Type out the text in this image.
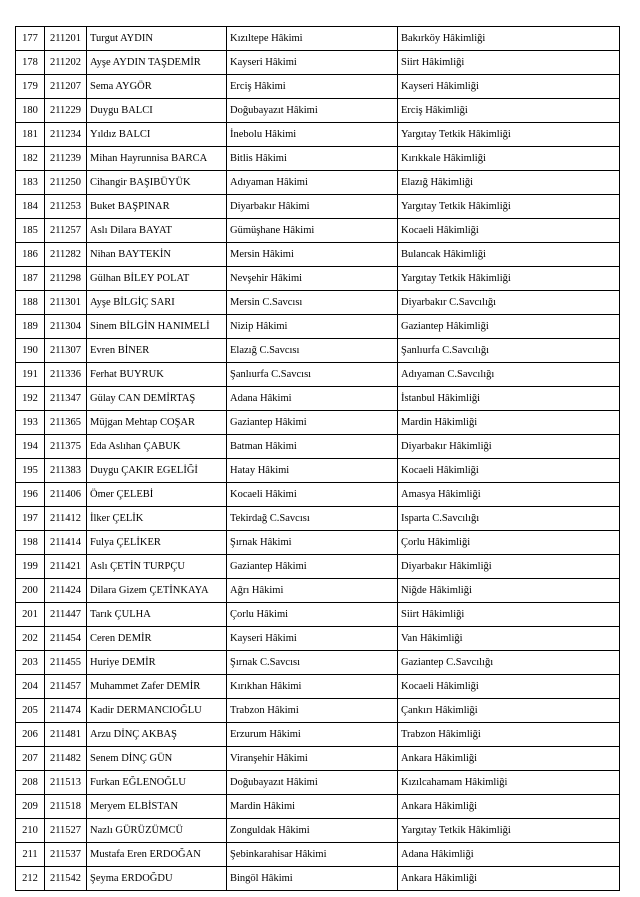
177	211201	Turgut AYDIN	Kızıltepe Hâkimi	Bakırköy Hâkimliği
178	211202	Ayşe AYDIN TAŞDEMİR	Kayseri Hâkimi	Siirt Hâkimliği
179	211207	Sema AYGÖR	Erciş Hâkimi	Kayseri Hâkimliği
180	211229	Duygu BALCI	Doğubayazıt Hâkimi	Erciş Hâkimliği
181	211234	Yıldız BALCI	İnebolu Hâkimi	Yargıtay Tetkik Hâkimliği
182	211239	Mihan Hayrunnisa BARCA	Bitlis Hâkimi	Kırıkkale Hâkimliği
183	211250	Cihangir BAŞIBÜYÜK	Adıyaman Hâkimi	Elazığ Hâkimliği
184	211253	Buket BAŞPINAR	Diyarbakır Hâkimi	Yargıtay Tetkik Hâkimliği
185	211257	Aslı Dilara BAYAT	Gümüşhane Hâkimi	Kocaeli Hâkimliği
186	211282	Nihan BAYTEKİN	Mersin Hâkimi	Bulancak Hâkimliği
187	211298	Gülhan BİLEY POLAT	Nevşehir Hâkimi	Yargıtay Tetkik Hâkimliği
188	211301	Ayşe BİLGİÇ SARI	Mersin C.Savcısı	Diyarbakır C.Savcılığı
189	211304	Sinem BİLGİN HANIMELİ	Nizip Hâkimi	Gaziantep Hâkimliği
190	211307	Evren BİNER	Elazığ C.Savcısı	Şanlıurfa C.Savcılığı
191	211336	Ferhat BUYRUK	Şanlıurfa C.Savcısı	Adıyaman C.Savcılığı
192	211347	Gülay CAN DEMİRTAŞ	Adana Hâkimi	İstanbul Hâkimliği
193	211365	Müjgan Mehtap COŞAR	Gaziantep Hâkimi	Mardin Hâkimliği
194	211375	Eda Aslıhan ÇABUK	Batman Hâkimi	Diyarbakır Hâkimliği
195	211383	Duygu ÇAKIR EGELİĞİ	Hatay Hâkimi	Kocaeli Hâkimliği
196	211406	Ömer ÇELEBİ	Kocaeli Hâkimi	Amasya Hâkimliği
197	211412	İlker ÇELİK	Tekirdağ C.Savcısı	Isparta C.Savcılığı
198	211414	Fulya ÇELİKER	Şırnak Hâkimi	Çorlu Hâkimliği
199	211421	Aslı ÇETİN TURPÇU	Gaziantep Hâkimi	Diyarbakır Hâkimliği
200	211424	Dilara Gizem ÇETİNKAYA	Ağrı Hâkimi	Niğde Hâkimliği
201	211447	Tarık ÇULHA	Çorlu Hâkimi	Siirt Hâkimliği
202	211454	Ceren DEMİR	Kayseri Hâkimi	Van Hâkimliği
203	211455	Huriye DEMİR	Şırnak C.Savcısı	Gaziantep C.Savcılığı
204	211457	Muhammet Zafer DEMİR	Kırıkhan Hâkimi	Kocaeli Hâkimliği
205	211474	Kadir DERMANCIOĞLU	Trabzon Hâkimi	Çankırı Hâkimliği
206	211481	Arzu DİNÇ AKBAŞ	Erzurum Hâkimi	Trabzon Hâkimliği
207	211482	Senem DİNÇ GÜN	Viranşehir Hâkimi	Ankara Hâkimliği
208	211513	Furkan EĞLENOĞLU	Doğubayazıt Hâkimi	Kızılcahamam Hâkimliği
209	211518	Meryem ELBİSTAN	Mardin Hâkimi	Ankara Hâkimliği
210	211527	Nazlı GÜRÜZÜMCÜ	Zonguldak Hâkimi	Yargıtay Tetkik Hâkimliği
211	211537	Mustafa Eren ERDOĞAN	Şebinkarahisar Hâkimi	Adana Hâkimliği
212	211542	Şeyma ERDOĞDU	Bingöl Hâkimi	Ankara Hâkimliği
